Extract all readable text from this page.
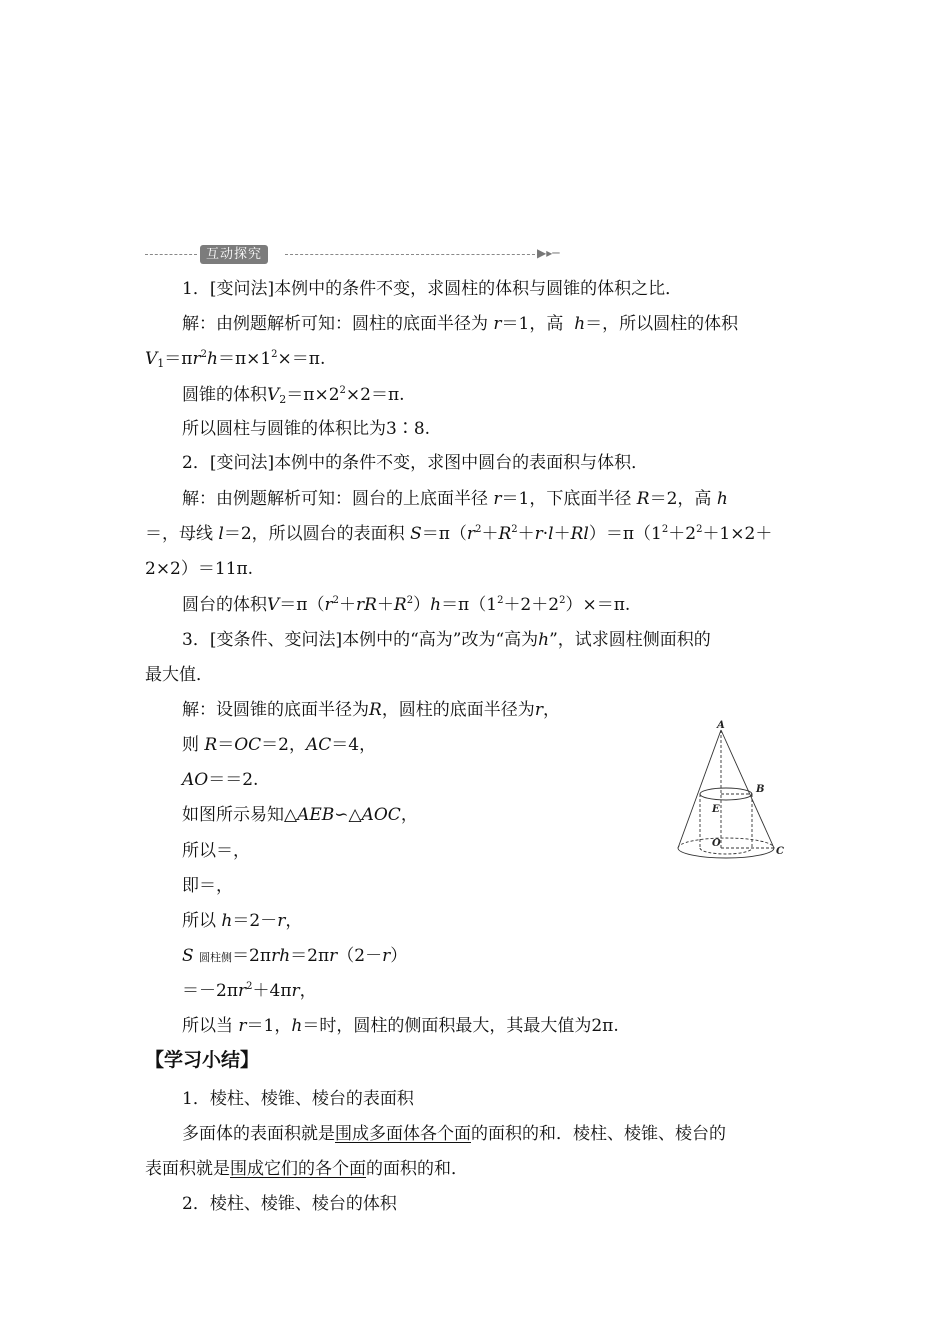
互动探究	▶▸─
1．[变问法]本例中的条件不变，求圆柱的体积与圆锥的体积之比．
解：由例题解析可知：圆柱的底面半径为 r＝1，高 h＝，所以圆柱的体积
$V_1=\pi r^2h=\pi\times 1^2\times=\pi$.
圆锥的体积$V_2=\pi\times 2^2\times 2=\pi$.
所以圆柱与圆锥的体积比为3∶8.
2．[变问法]本例中的条件不变，求图中圆台的表面积与体积．
解：由例题解析可知：圆台的上底面半径 r＝1，下底面半径 R＝2，高 h
＝，母线 l＝2，所以圆台的表面积 $S=\pi(r^2+R^2+r\cdot l+Rl)=\pi(1^2+2^2+1\times 2+$
2×2）＝11π.
圆台的体积$V=\pi(r^2+rR+R^2)h=\pi(1^2+2+2^2)\times=\pi$.
3．[变条件、变问法]本例中的“高为”改为“高为h”，试求圆柱侧面积的
最大值．
解：设圆锥的底面半径为R，圆柱的底面半径为r，
则 R＝OC＝2，AC＝4，
AO＝＝2.
如图所示易知△AEB∽△AOC，
所以＝，
即＝，
所以 h＝2－r，
S 圆柱侧＝2πrh＝2πr（2－r）
$=-2\pi r^2+4\pi r$，
所以当 r＝1，h＝时，圆柱的侧面积最大，其最大值为2π.
A
B
E
O
C
【学习小结】
1．棱柱、棱锥、棱台的表面积
多面体的表面积就是围成多面体各个面的面积的和．棱柱、棱锥、棱台的
表面积就是围成它们的各个面的面积的和．
2．棱柱、棱锥、棱台的体积
